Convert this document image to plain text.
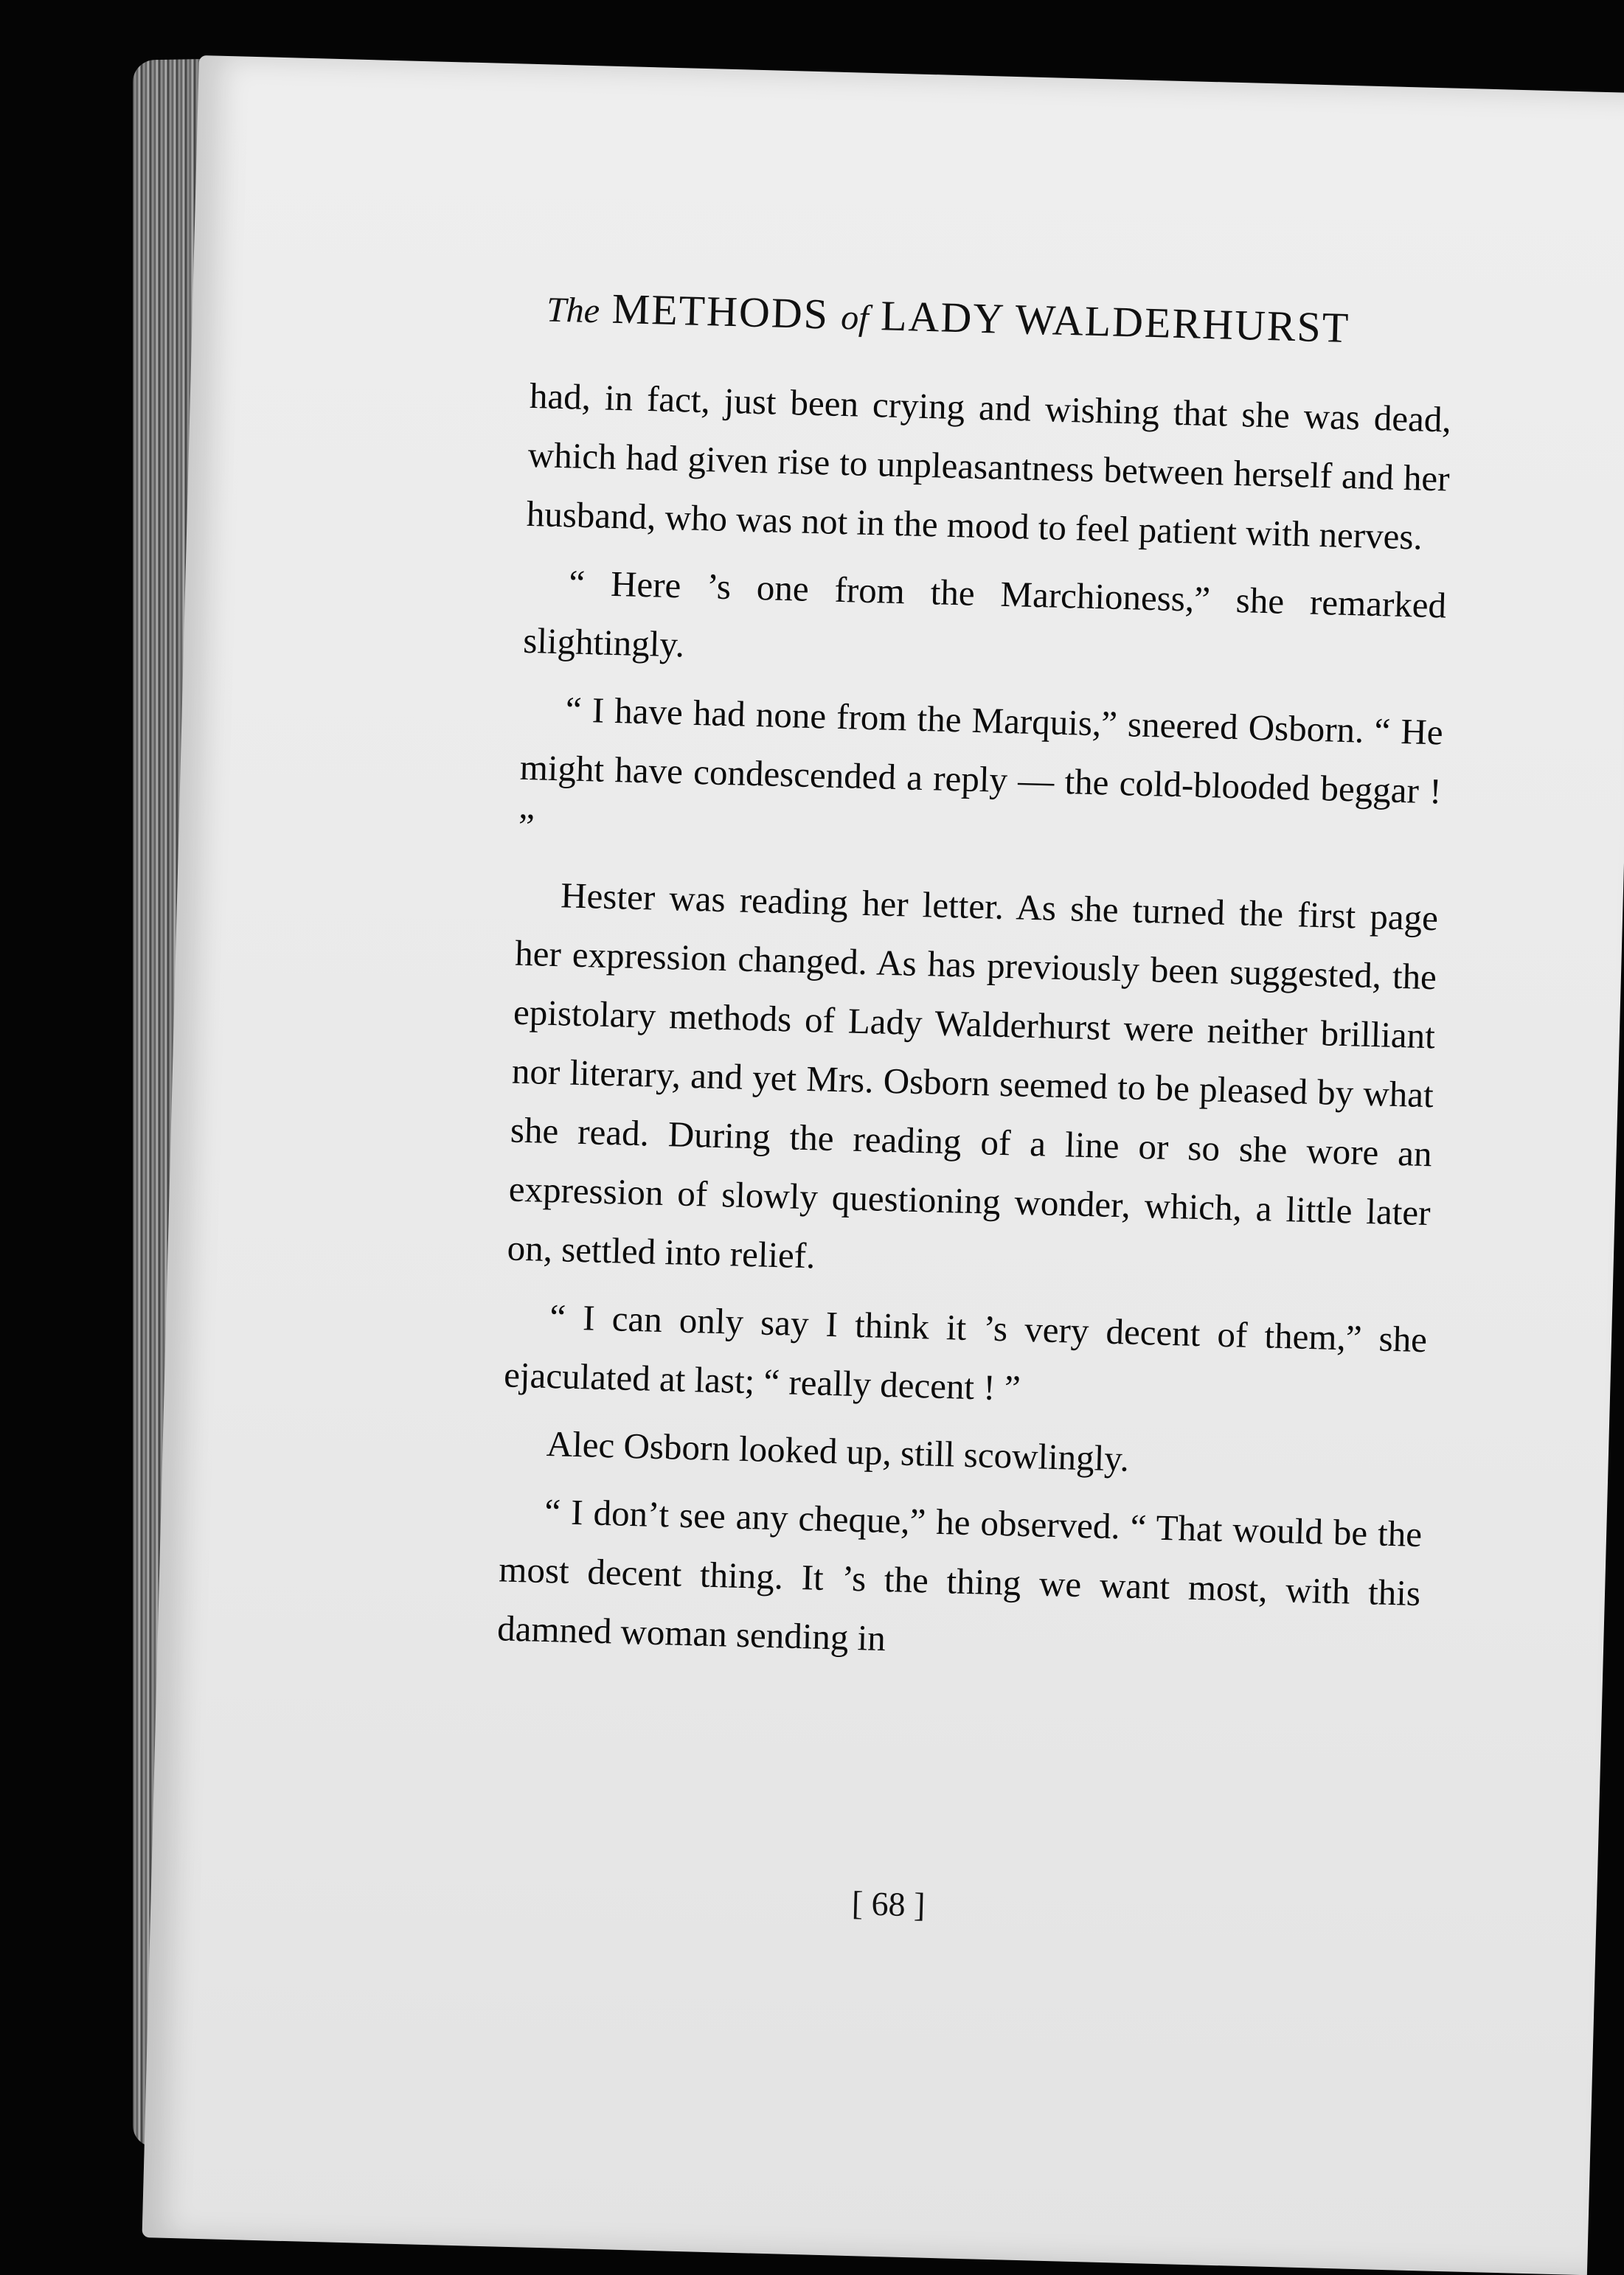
The METHODS of LADY WALDERHURST

had, in fact, just been crying and wishing that she was dead, which had given rise to unpleasantness between herself and her husband, who was not in the mood to feel patient with nerves.

“ Here ’s one from the Marchioness,” she remarked slightingly.

“ I have had none from the Marquis,” sneered Osborn. “ He might have condescended a reply — the cold-blooded beggar ! ”

Hester was reading her letter. As she turned the first page her expression changed. As has previously been suggested, the epistolary methods of Lady Walderhurst were neither brilliant nor literary, and yet Mrs. Osborn seemed to be pleased by what she read. During the reading of a line or so she wore an expression of slowly questioning wonder, which, a little later on, settled into relief.

“ I can only say I think it ’s very decent of them,” she ejaculated at last; “ really decent ! ”

Alec Osborn looked up, still scowlingly.

“ I don’t see any cheque,” he observed. “ That would be the most decent thing. It ’s the thing we want most, with this damned woman sending in

[ 68 ]
